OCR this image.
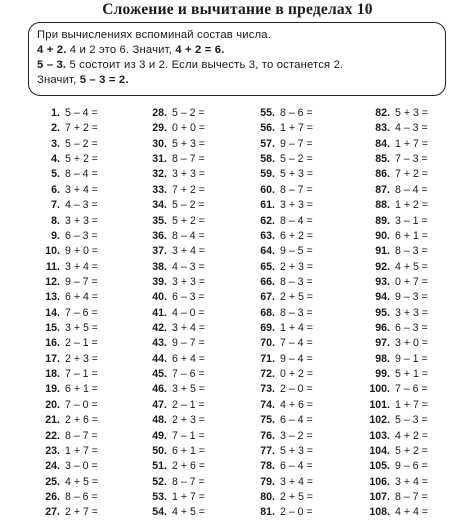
Сложение и вычитание в пределах 10
При вычислениях вспоминай состав числа.
4 + 2. 4 и 2 это 6. Значит, 4 + 2 = 6.
5 – 3. 5 состоит из 3 и 2. Если вычесть 3, то останется 2.
Значит, 5 – 3 = 2.
1. 5 – 4 =
2. 7 + 2 =
3. 5 – 2 =
4. 5 + 2 =
5. 8 – 4 =
6. 3 + 4 =
7. 4 – 3 =
8. 3 + 3 =
9. 6 – 3 =
10. 9 + 0 =
11. 3 + 4 =
12. 9 – 7 =
13. 6 + 4 =
14. 7 – 6 =
15. 3 + 5 =
16. 2 – 1 =
17. 2 + 3 =
18. 7 – 1 =
19. 6 + 1 =
20. 7 – 0 =
21. 2 + 6 =
22. 8 – 7 =
23. 1 + 7 =
24. 3 – 0 =
25. 4 + 5 =
26. 8 – 6 =
27. 2 + 7 =
28. 5 – 2 =
29. 0 + 0 =
30. 5 + 3 =
31. 8 – 7 =
32. 3 + 3 =
33. 7 + 2 =
34. 5 – 2 =
35. 5 + 2 =
36. 8 – 4 =
37. 3 + 4 =
38. 4 – 3 =
39. 3 + 3 =
40. 6 – 3 =
41. 4 – 0 =
42. 3 + 4 =
43. 9 – 7 =
44. 6 + 4 =
45. 7 – 6 =
46. 3 + 5 =
47. 2 – 1 =
48. 2 + 3 =
49. 7 – 1 =
50. 6 + 1 =
51. 2 + 6 =
52. 8 – 7 =
53. 1 + 7 =
54. 4 + 5 =
55. 8 – 6 =
56. 1 + 7 =
57. 9 – 7 =
58. 5 – 2 =
59. 5 + 3 =
60. 8 – 7 =
61. 3 + 3 =
62. 8 – 4 =
63. 6 + 2 =
64. 9 – 5 =
65. 2 + 3 =
66. 8 – 3 =
67. 2 + 5 =
68. 8 – 3 =
69. 1 + 4 =
70. 7 – 4 =
71. 9 – 4 =
72. 0 + 2 =
73. 2 – 0 =
74. 4 + 6 =
75. 6 – 4 =
76. 3 – 2 =
77. 5 + 3 =
78. 6 – 4 =
79. 3 + 4 =
80. 2 + 5 =
81. 2 – 0 =
82. 5 + 3 =
83. 4 – 3 =
84. 1 + 7 =
85. 7 – 3 =
86. 7 + 2 =
87. 8 – 4 =
88. 1 + 2 =
89. 3 – 1 =
90. 6 + 1 =
91. 8 – 3 =
92. 4 + 5 =
93. 0 + 7 =
94. 9 – 3 =
95. 3 + 3 =
96. 6 – 3 =
97. 3 + 0 =
98. 9 – 1 =
99. 5 + 1 =
100. 7 – 6 =
101. 1 + 7 =
102. 5 – 3 =
103. 4 + 2 =
104. 5 + 2 =
105. 9 – 6 =
106. 3 + 4 =
107. 8 – 7 =
108. 4 + 4 =
